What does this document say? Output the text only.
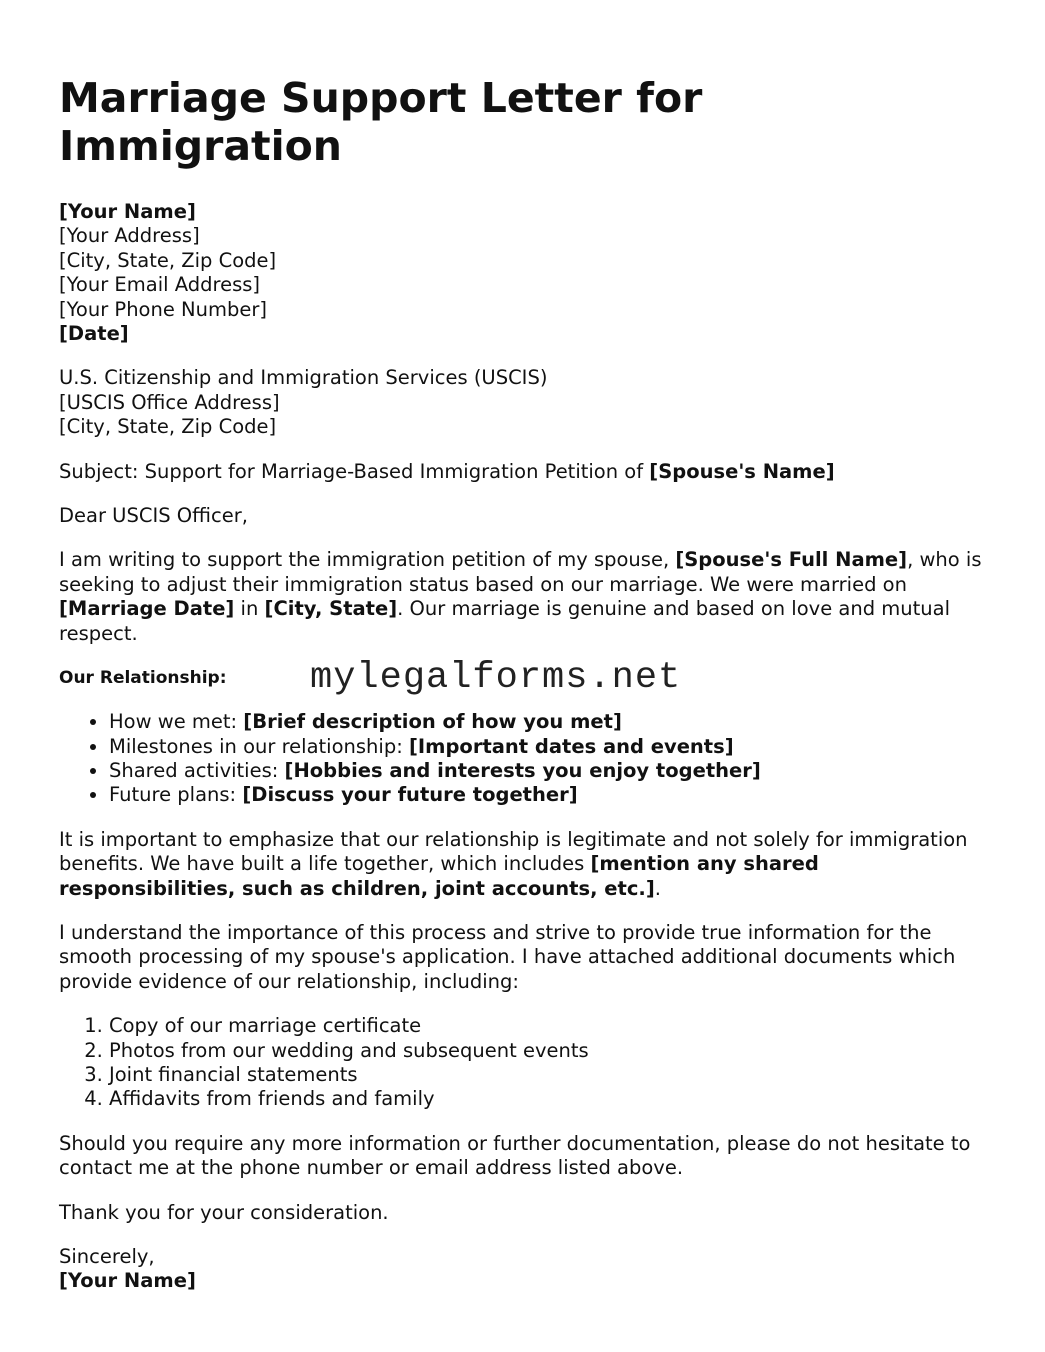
Marriage Support Letter for Immigration
[Your Name]
[Your Address]
[City, State, Zip Code]
[Your Email Address]
[Your Phone Number]
[Date]
U.S. Citizenship and Immigration Services (USCIS)
[USCIS Office Address]
[City, State, Zip Code]

Subject: Support for Marriage-Based Immigration Petition of [Spouse's Name]

Dear USCIS Officer,

I am writing to support the immigration petition of my spouse, [Spouse's Full Name], who is seeking to adjust their immigration status based on our marriage. We were married on [Marriage Date] in [City, State]. Our marriage is genuine and based on love and mutual respect.

Our Relationship:	mylegalforms.net
• How we met: [Brief description of how you met]
• Milestones in our relationship: [Important dates and events]
• Shared activities: [Hobbies and interests you enjoy together]
• Future plans: [Discuss your future together]

It is important to emphasize that our relationship is legitimate and not solely for immigration benefits. We have built a life together, which includes [mention any shared responsibilities, such as children, joint accounts, etc.].

I understand the importance of this process and strive to provide true information for the smooth processing of my spouse's application. I have attached additional documents which provide evidence of our relationship, including:

1. Copy of our marriage certificate
2. Photos from our wedding and subsequent events
3. Joint financial statements
4. Affidavits from friends and family

Should you require any more information or further documentation, please do not hesitate to contact me at the phone number or email address listed above.

Thank you for your consideration.

Sincerely,
[Your Name]
